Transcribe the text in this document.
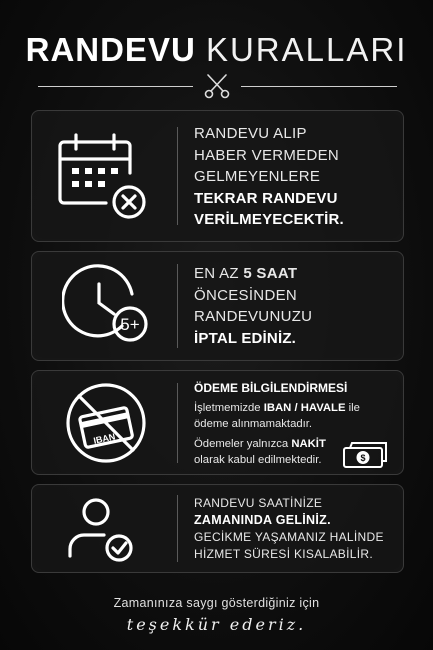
RANDEVU KURALLARI
RANDEVU ALIP
HABER VERMEDEN
GELMEYENLERE
TEKRAR RANDEVU
VERİLMEYECEKTİR.
5+
EN AZ 5 SAAT
ÖNCESİNDEN
RANDEVUNUZU
İPTAL EDİNİZ.
IBAN
ÖDEME BİLGİLENDİRMESİ
İşletmemizde IBAN / HAVALE ile
ödeme alınmamaktadır.
Ödemeler yalnızca NAKİT
olarak kabul edilmektedir.	$
RANDEVU SAATİNİZE
ZAMANINDA GELİNİZ.
GECİKME YAŞAMANIZ HALİNDE
HİZMET SÜRESİ KISALABİLİR.
Zamanınıza saygı gösterdiğiniz için
teşekkür ederiz.
